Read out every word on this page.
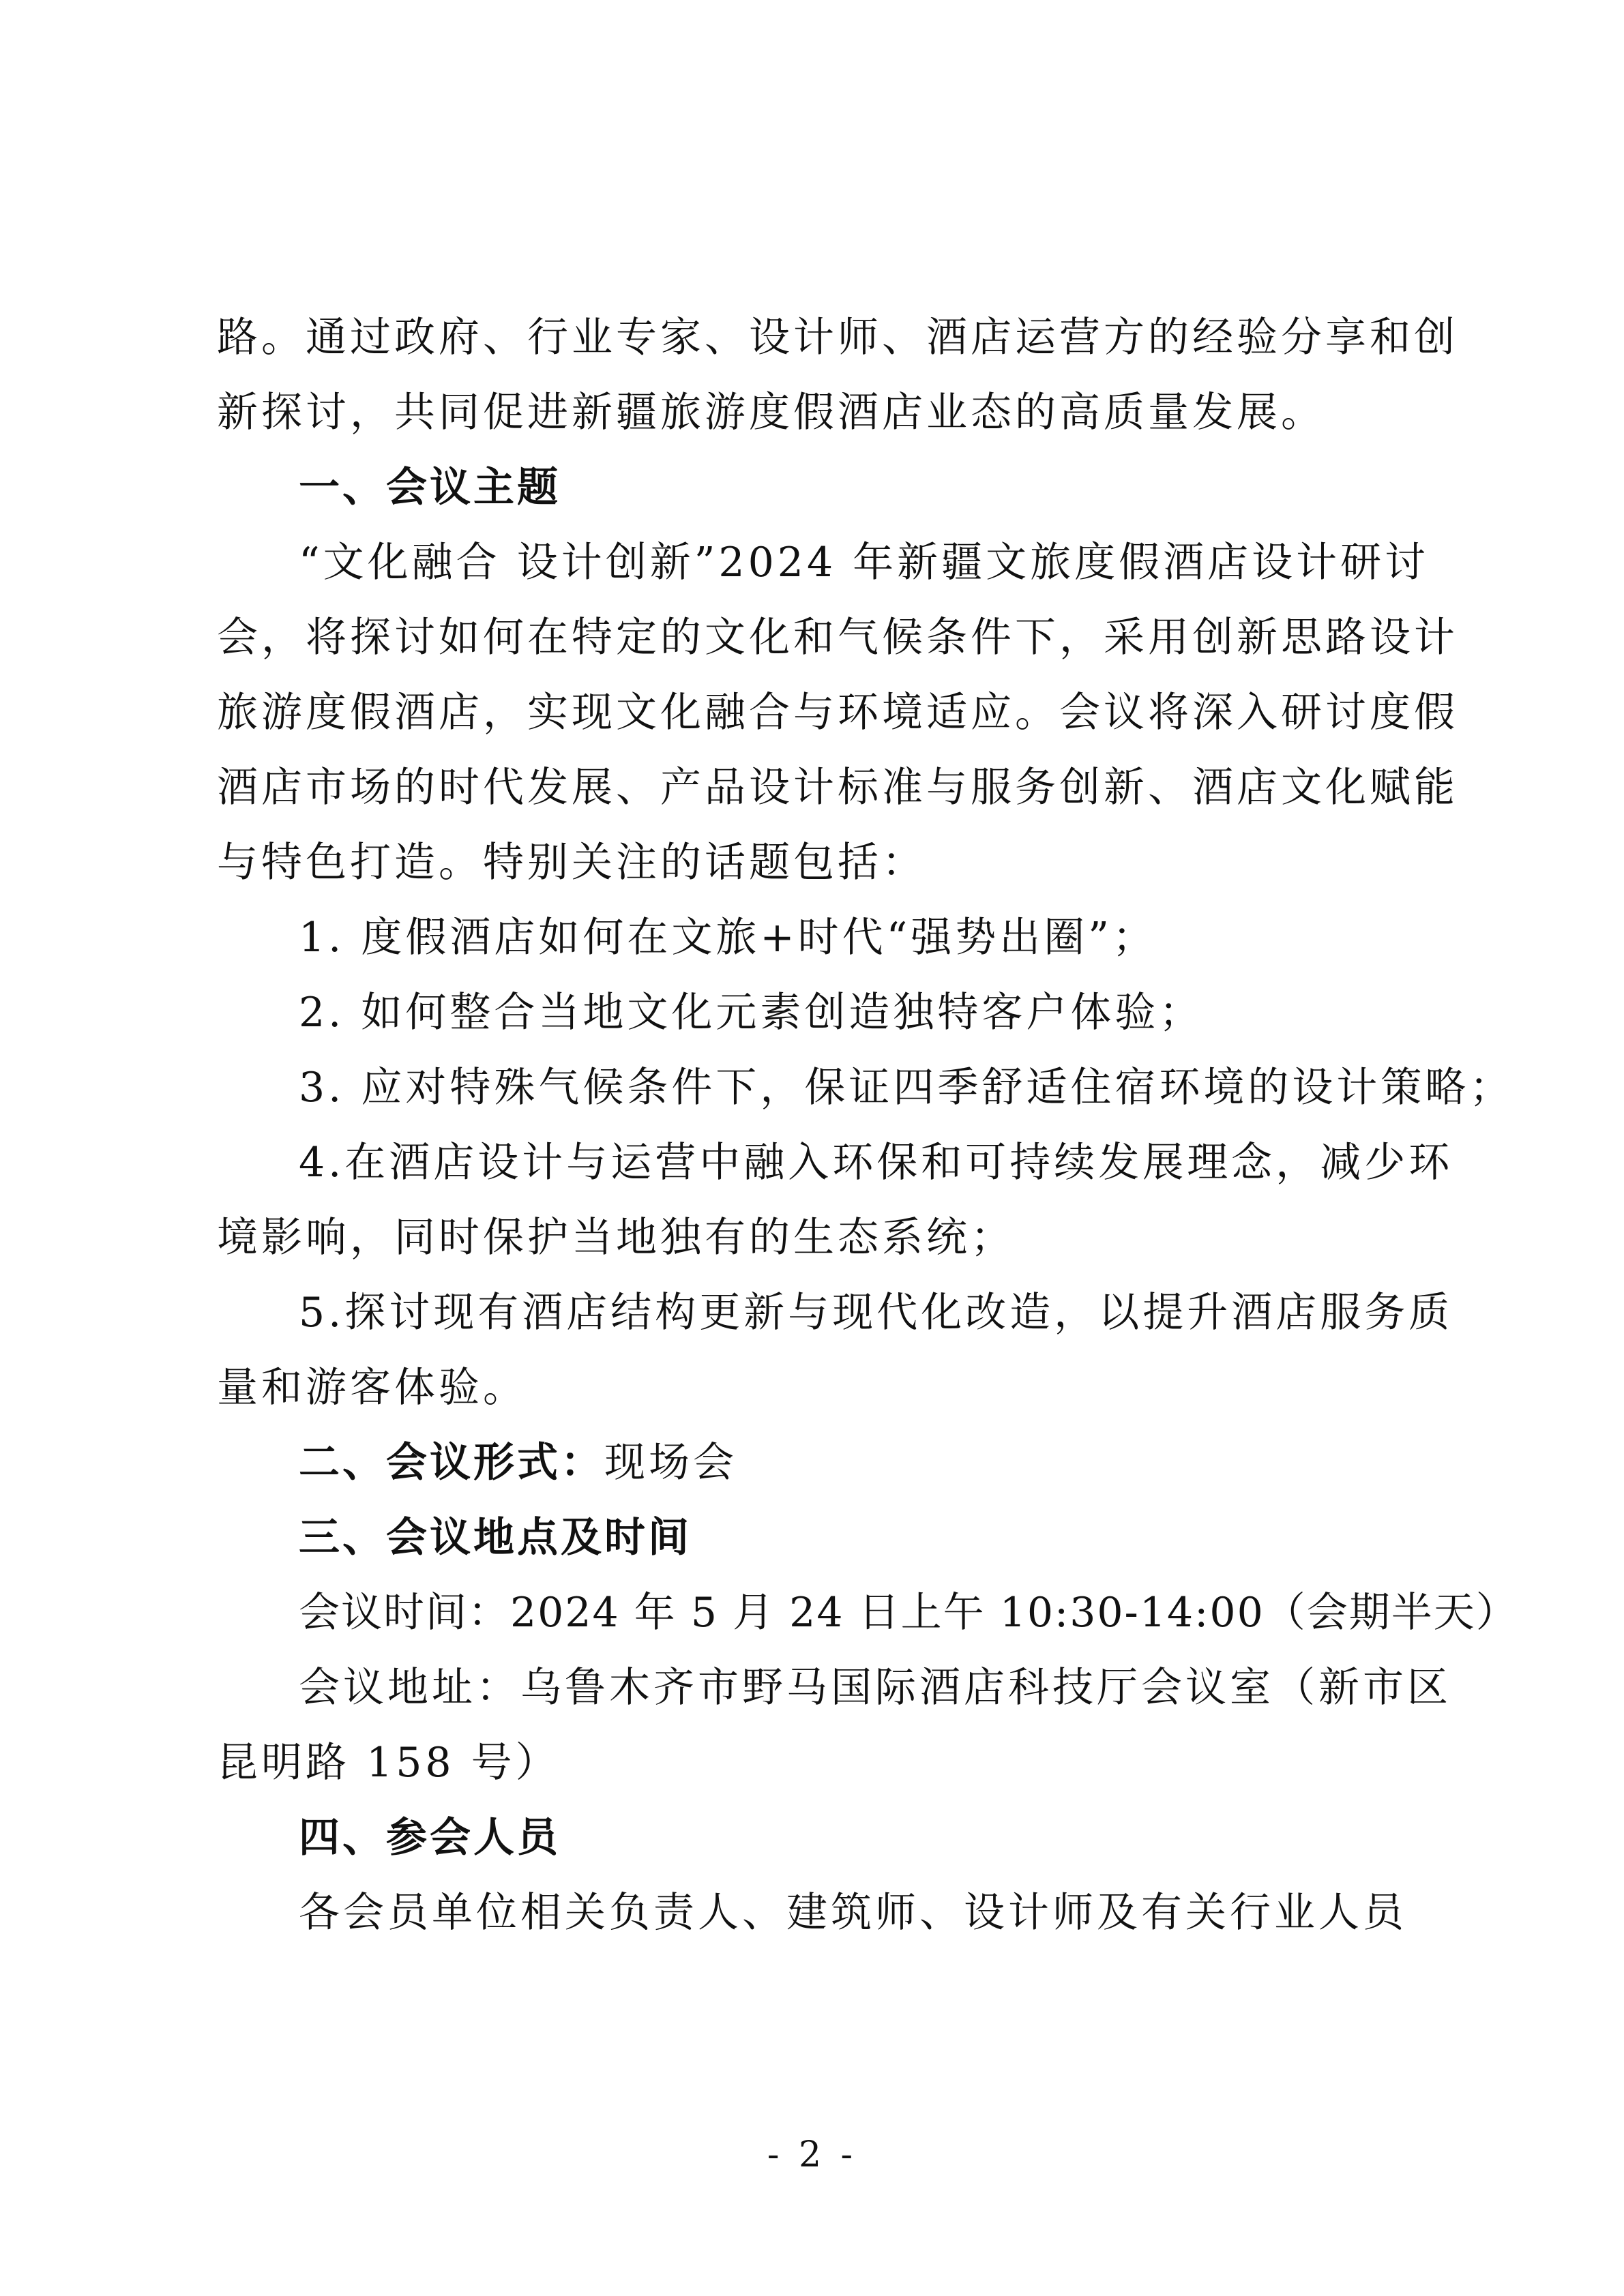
路。通过政府、行业专家、设计师、酒店运营方的经验分享和创
新探讨，共同促进新疆旅游度假酒店业态的高质量发展。
一、会议主题
“文化融合 设计创新”2024 年新疆文旅度假酒店设计研讨
会，将探讨如何在特定的文化和气候条件下，采用创新思路设计
旅游度假酒店，实现文化融合与环境适应。会议将深入研讨度假
酒店市场的时代发展、产品设计标准与服务创新、酒店文化赋能
与特色打造。特别关注的话题包括：
1. 度假酒店如何在文旅+时代“强势出圈”；
2. 如何整合当地文化元素创造独特客户体验；
3. 应对特殊气候条件下，保证四季舒适住宿环境的设计策略；
4.在酒店设计与运营中融入环保和可持续发展理念，减少环
境影响，同时保护当地独有的生态系统；
5.探讨现有酒店结构更新与现代化改造，以提升酒店服务质
量和游客体验。
二、会议形式：现场会
三、会议地点及时间
会议时间：2024 年 5 月 24 日上午 10:30-14:00（会期半天）
会议地址：乌鲁木齐市野马国际酒店科技厅会议室（新市区
昆明路 158 号）
四、参会人员
各会员单位相关负责人、建筑师、设计师及有关行业人员
- 2 -
